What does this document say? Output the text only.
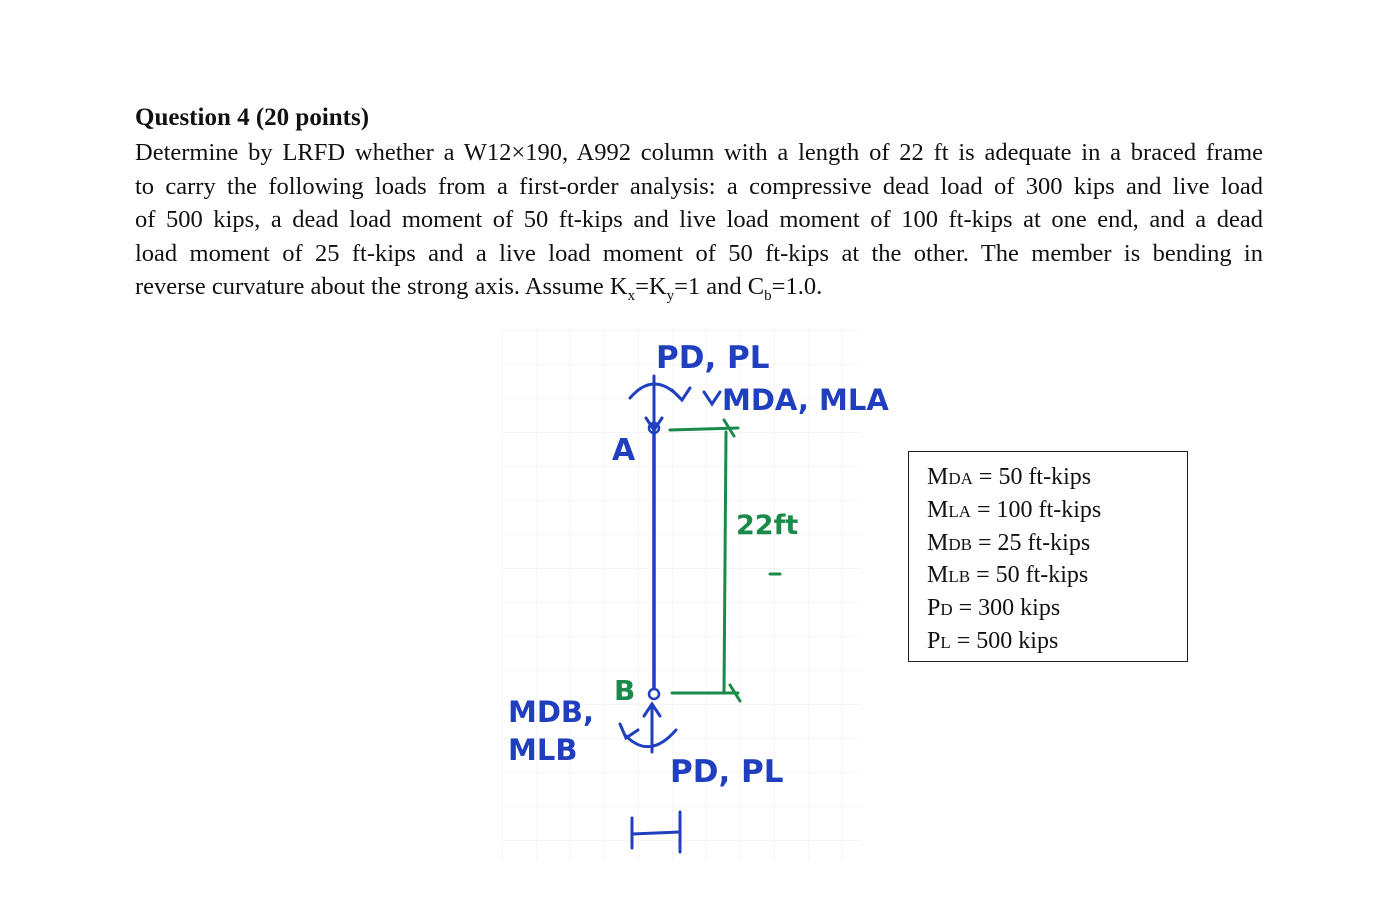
Question 4 (20 points)
Determine by LRFD whether a W12×190, A992 column with a length of 22 ft is adequate in a braced frame
to carry the following loads from a first-order analysis: a compressive dead load of 300 kips and live load
of 500 kips, a dead load moment of 50 ft-kips and live load moment of 100 ft-kips at one end, and a dead
load moment of 25 ft-kips and a live load moment of 50 ft-kips at the other. The member is bending in
reverse curvature about the strong axis. Assume $K_x=K_y=1$ and $C_b=1.0$.
PD, PL
MDA, MLA
A
22ft
B
MDB,
MLB
PD, PL
MDA = 50 ft-kips
MLA = 100 ft-kips
MDB = 25 ft-kips
MLB = 50 ft-kips
PD = 300 kips
PL = 500 kips
